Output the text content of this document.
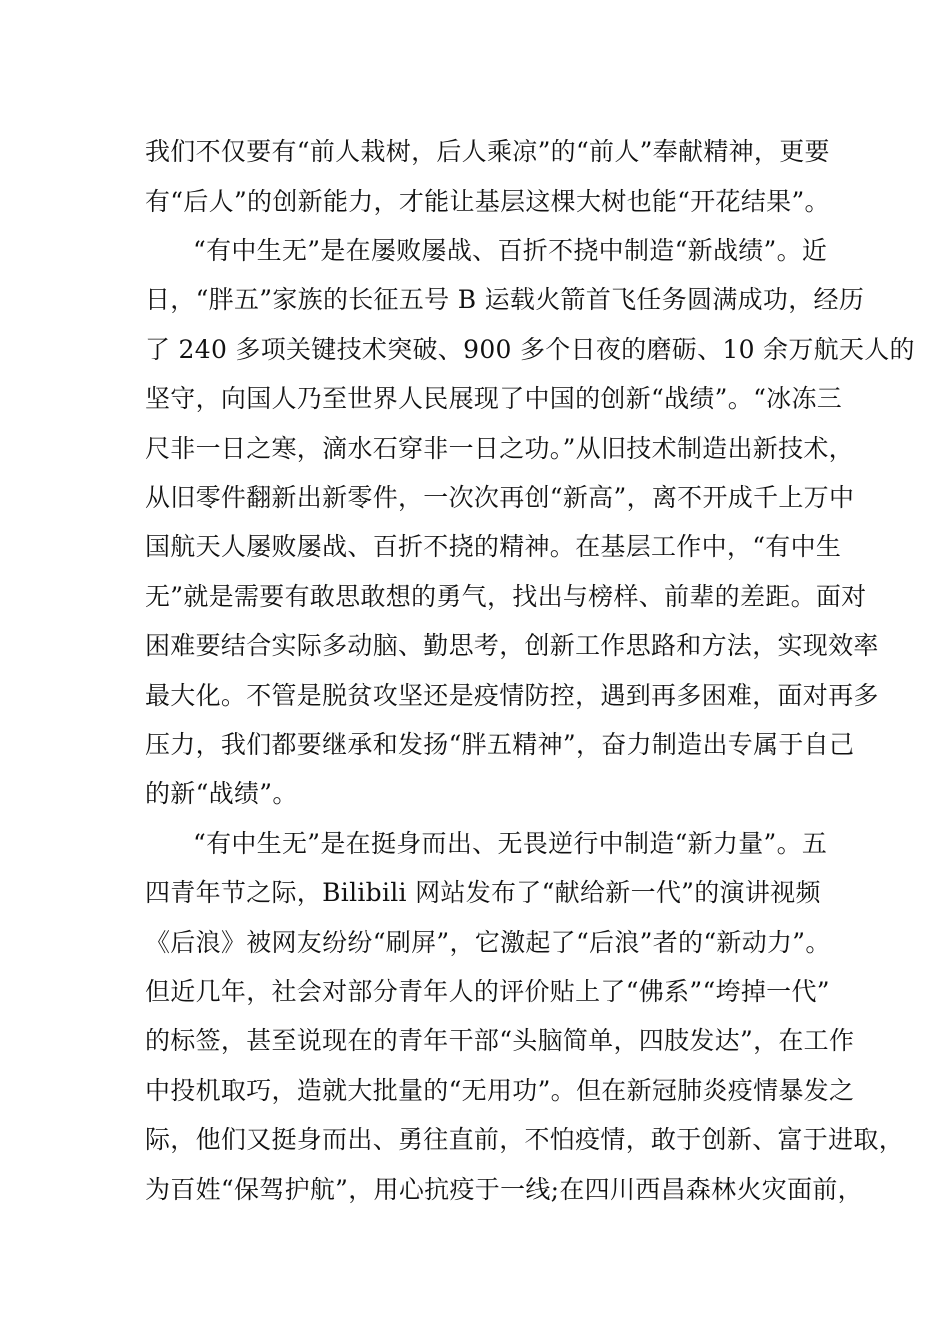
我们不仅要有“前人栽树，后人乘凉”的“前人”奉献精神，更要
有“后人”的创新能力，才能让基层这棵大树也能“开花结果”。
“有中生无”是在屡败屡战、百折不挠中制造“新战绩”。近
日，“胖五”家族的长征五号 B 运载火箭首飞任务圆满成功，经历
了 240 多项关键技术突破、900 多个日夜的磨砺、10 余万航天人的
坚守，向国人乃至世界人民展现了中国的创新“战绩”。“冰冻三
尺非一日之寒，滴水石穿非一日之功。”从旧技术制造出新技术，
从旧零件翻新出新零件，一次次再创“新高”，离不开成千上万中
国航天人屡败屡战、百折不挠的精神。在基层工作中，“有中生
无”就是需要有敢思敢想的勇气，找出与榜样、前辈的差距。面对
困难要结合实际多动脑、勤思考，创新工作思路和方法，实现效率
最大化。不管是脱贫攻坚还是疫情防控，遇到再多困难，面对再多
压力，我们都要继承和发扬“胖五精神”，奋力制造出专属于自己
的新“战绩”。
“有中生无”是在挺身而出、无畏逆行中制造“新力量”。五
四青年节之际，Bilibili 网站发布了“献给新一代”的演讲视频
《后浪》被网友纷纷“刷屏”，它激起了“后浪”者的“新动力”。
但近几年，社会对部分青年人的评价贴上了“佛系”“垮掉一代”
的标签，甚至说现在的青年干部“头脑简单，四肢发达”，在工作
中投机取巧，造就大批量的“无用功”。但在新冠肺炎疫情暴发之
际，他们又挺身而出、勇往直前，不怕疫情，敢于创新、富于进取，
为百姓“保驾护航”，用心抗疫于一线;在四川西昌森林火灾面前，
